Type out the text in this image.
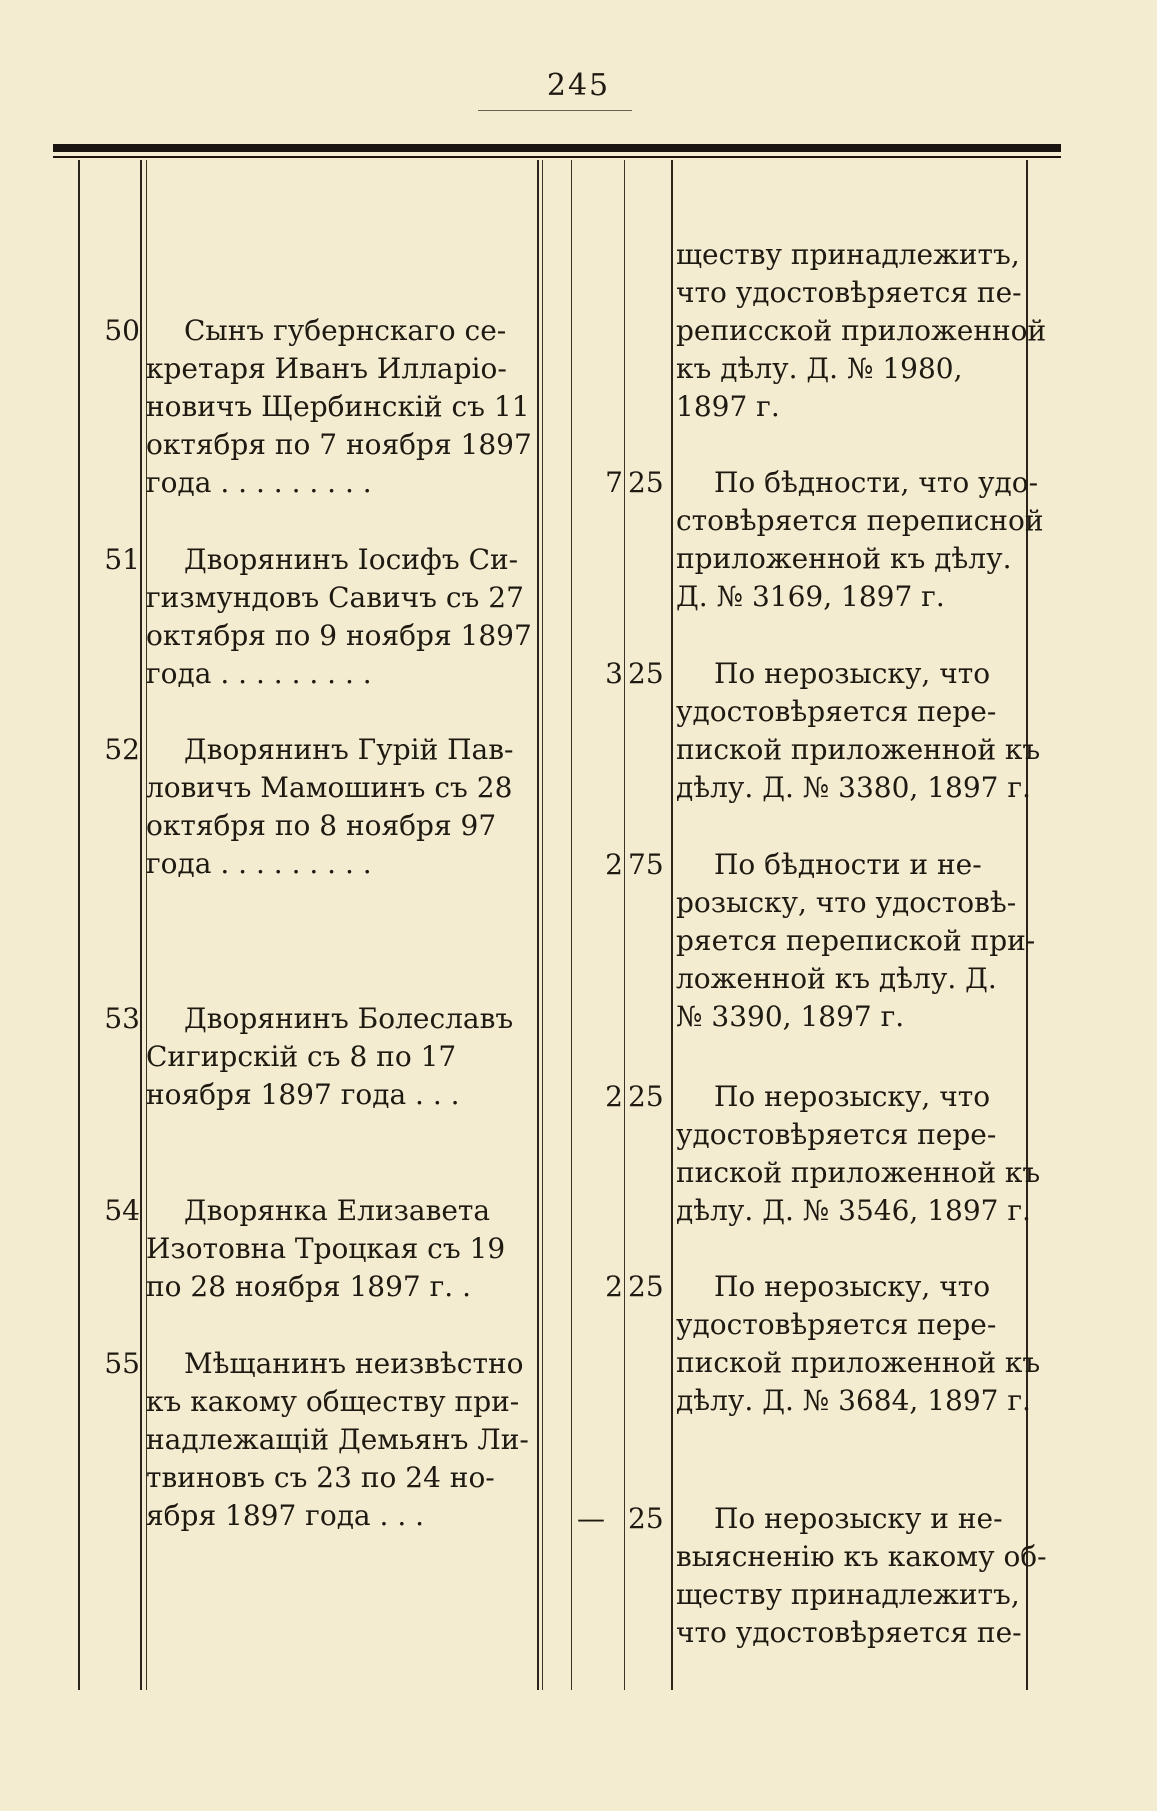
245
ществу принадлежитъ,
что удостовѣряется пе-
реписской приложенной
къ дѣлу. Д. № 1980,
1897 г.
50	Сынъ губернскаго се-
кретаря Иванъ Илларіо-
новичъ Щербинскій съ 11
октября по 7 ноября 1897
года . . . . . . . . .	7 25	По бѣдности, что удо-
стовѣряется переписной
приложенной къ дѣлу.
Д. № 3169, 1897 г.
51	Дворянинъ Іосифъ Си-
гизмундовъ Савичъ съ 27
октября по 9 ноября 1897
года . . . . . . . . .	3 25	По нерозыску, что
удостовѣряется пере-
пиской приложенной къ
дѣлу. Д. № 3380, 1897 г.
52	Дворянинъ Гурій Пав-
ловичъ Мамошинъ съ 28
октября по 8 ноября 97
года . . . . . . . . .	2 75	По бѣдности и не-
розыску, что удостовѣ-
ряется перепиской при-
ложенной къ дѣлу. Д.
№ 3390, 1897 г.
53	Дворянинъ Болеславъ
Сигирскій съ 8 по 17
ноября 1897 года . . .	2 25	По нерозыску, что
удостовѣряется пере-
пиской приложенной къ
дѣлу. Д. № 3546, 1897 г.
54	Дворянка Елизавета
Изотовна Троцкая съ 19
по 28 ноября 1897 г. .	2 25	По нерозыску, что
удостовѣряется пере-
пиской приложенной къ
дѣлу. Д. № 3684, 1897 г.
55	Мѣщанинъ неизвѣстно
къ какому обществу при-
надлежащій Демьянъ Ли-
твиновъ съ 23 по 24 но-
ября 1897 года . . .	— 25	По нерозыску и не-
выясненію къ какому об-
ществу принадлежитъ,
что удостовѣряется пе-
